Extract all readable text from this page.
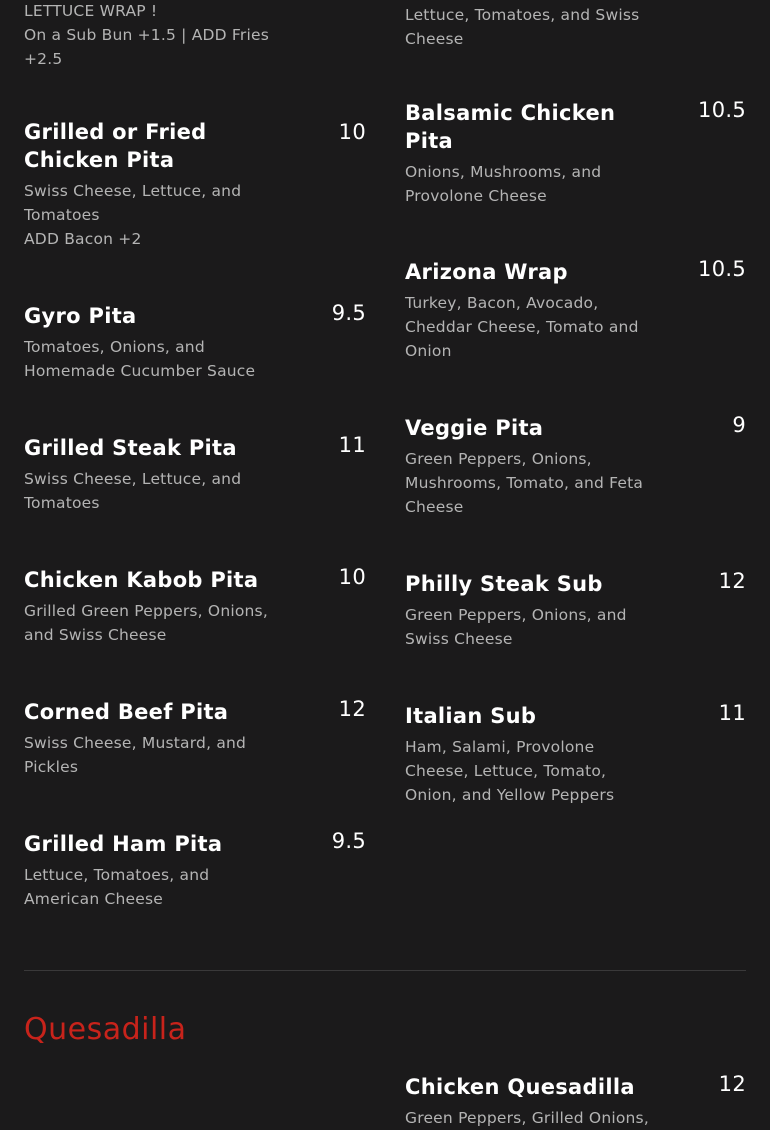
LETTUCE WRAP !
On a Sub Bun +1.5 | ADD Fries
+2.5
10
Grilled or Fried Chicken Pita
Swiss Cheese, Lettuce, and Tomatoes
ADD Bacon +2
9.5
Gyro Pita
Tomatoes, Onions, and Homemade Cucumber Sauce
11
Grilled Steak Pita
Swiss Cheese, Lettuce, and Tomatoes
10
Chicken Kabob Pita
Grilled Green Peppers, Onions, and Swiss Cheese
12
Corned Beef Pita
Swiss Cheese, Mustard, and Pickles
9.5
Grilled Ham Pita
Lettuce, Tomatoes, and American Cheese
Lettuce, Tomatoes, and Swiss Cheese
10.5
Balsamic Chicken Pita
Onions, Mushrooms, and Provolone Cheese
10.5
Arizona Wrap
Turkey, Bacon, Avocado, Cheddar Cheese, Tomato and Onion
9
Veggie Pita
Green Peppers, Onions, Mushrooms, Tomato, and Feta Cheese
12
Philly Steak Sub
Green Peppers, Onions, and Swiss Cheese
11
Italian Sub
Ham, Salami, Provolone Cheese, Lettuce, Tomato, Onion, and Yellow Peppers
Quesadilla
12
Chicken Quesadilla
Green Peppers, Grilled Onions,
